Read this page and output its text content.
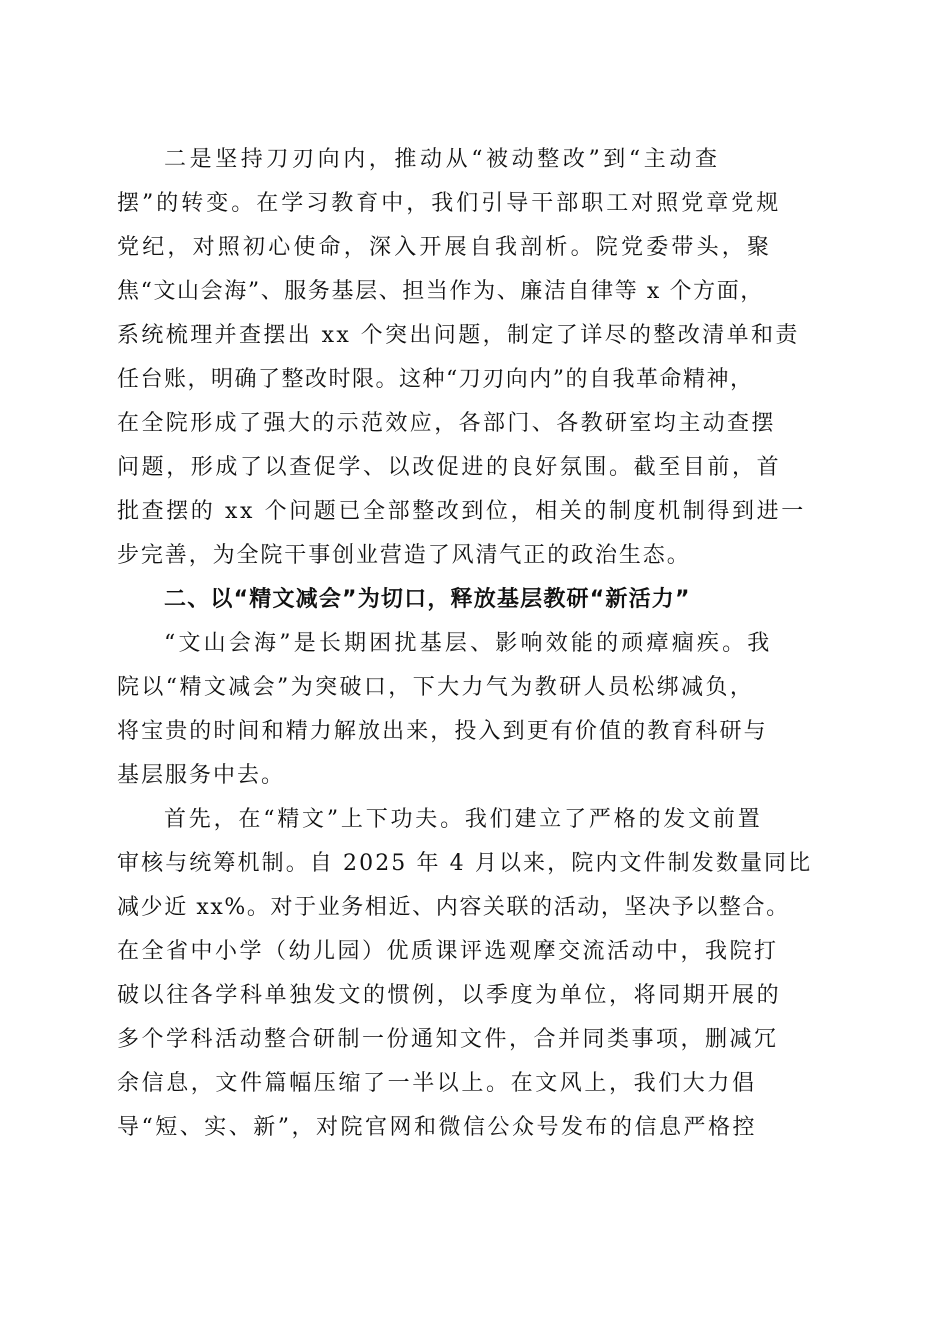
二是坚持刀刃向内，推动从“被动整改”到“主动查
摆”的转变。在学习教育中，我们引导干部职工对照党章党规
党纪，对照初心使命，深入开展自我剖析。院党委带头，聚
焦“文山会海”、服务基层、担当作为、廉洁自律等 x 个方面，
系统梳理并查摆出 xx 个突出问题，制定了详尽的整改清单和责
任台账，明确了整改时限。这种“刀刃向内”的自我革命精神，
在全院形成了强大的示范效应，各部门、各教研室均主动查摆
问题，形成了以查促学、以改促进的良好氛围。截至目前，首
批查摆的 xx 个问题已全部整改到位，相关的制度机制得到进一
步完善，为全院干事创业营造了风清气正的政治生态。
二、以“精文减会”为切口，释放基层教研“新活力”
“文山会海”是长期困扰基层、影响效能的顽瘴痼疾。我
院以“精文减会”为突破口，下大力气为教研人员松绑减负，
将宝贵的时间和精力解放出来，投入到更有价值的教育科研与
基层服务中去。
首先，在“精文”上下功夫。我们建立了严格的发文前置
审核与统筹机制。自 2025 年 4 月以来，院内文件制发数量同比
减少近 xx%。对于业务相近、内容关联的活动，坚决予以整合。
在全省中小学（幼儿园）优质课评选观摩交流活动中，我院打
破以往各学科单独发文的惯例，以季度为单位，将同期开展的
多个学科活动整合研制一份通知文件，合并同类事项，删减冗
余信息，文件篇幅压缩了一半以上。在文风上，我们大力倡
导“短、实、新”，对院官网和微信公众号发布的信息严格控
